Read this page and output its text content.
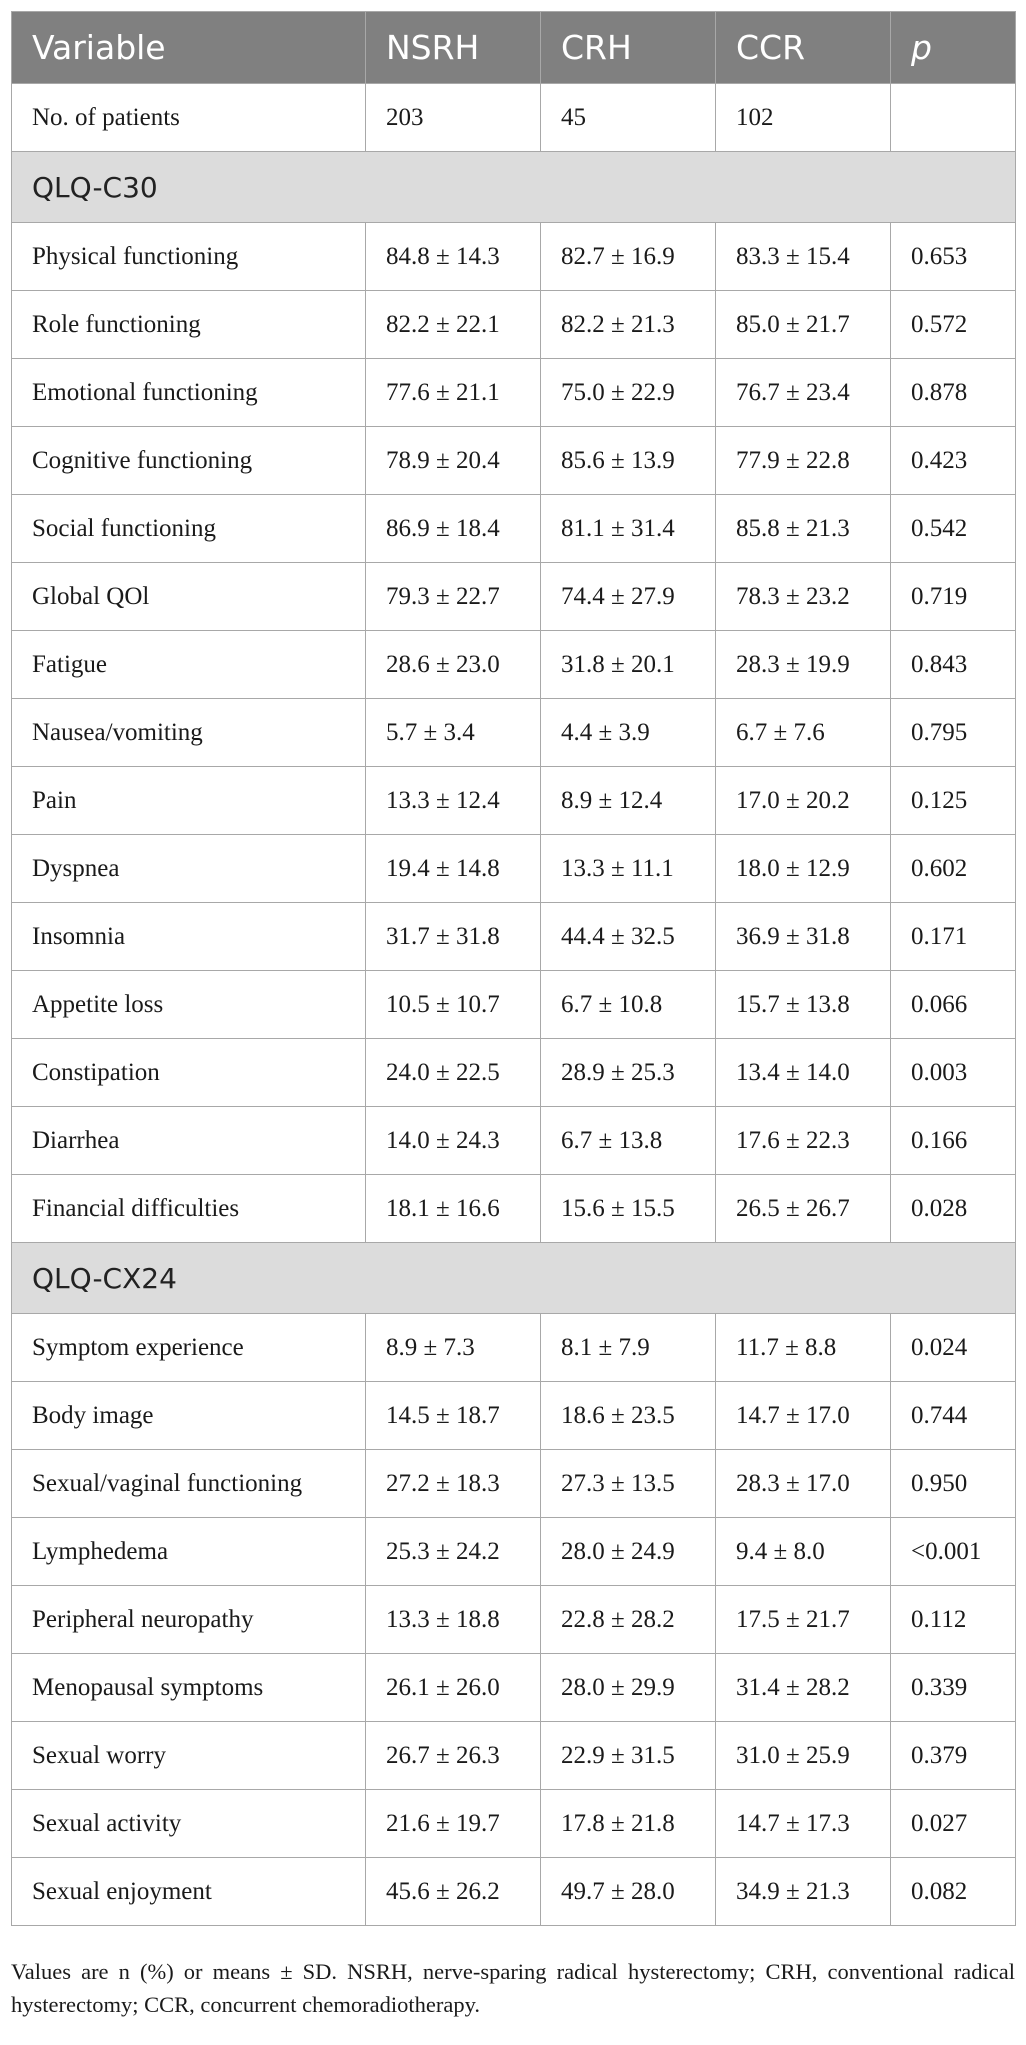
Variable	NSRH	CRH	CCR	p
No. of patients	203	45	102	
QLQ-C30				
Physical functioning	84.8 ± 14.3	82.7 ± 16.9	83.3 ± 15.4	0.653
Role functioning	82.2 ± 22.1	82.2 ± 21.3	85.0 ± 21.7	0.572
Emotional functioning	77.6 ± 21.1	75.0 ± 22.9	76.7 ± 23.4	0.878
Cognitive functioning	78.9 ± 20.4	85.6 ± 13.9	77.9 ± 22.8	0.423
Social functioning	86.9 ± 18.4	81.1 ± 31.4	85.8 ± 21.3	0.542
Global QOl	79.3 ± 22.7	74.4 ± 27.9	78.3 ± 23.2	0.719
Fatigue	28.6 ± 23.0	31.8 ± 20.1	28.3 ± 19.9	0.843
Nausea/vomiting	5.7 ± 3.4	4.4 ± 3.9	6.7 ± 7.6	0.795
Pain	13.3 ± 12.4	8.9 ± 12.4	17.0 ± 20.2	0.125
Dyspnea	19.4 ± 14.8	13.3 ± 11.1	18.0 ± 12.9	0.602
Insomnia	31.7 ± 31.8	44.4 ± 32.5	36.9 ± 31.8	0.171
Appetite loss	10.5 ± 10.7	6.7 ± 10.8	15.7 ± 13.8	0.066
Constipation	24.0 ± 22.5	28.9 ± 25.3	13.4 ± 14.0	0.003
Diarrhea	14.0 ± 24.3	6.7 ± 13.8	17.6 ± 22.3	0.166
Financial difficulties	18.1 ± 16.6	15.6 ± 15.5	26.5 ± 26.7	0.028
QLQ-CX24				
Symptom experience	8.9 ± 7.3	8.1 ± 7.9	11.7 ± 8.8	0.024
Body image	14.5 ± 18.7	18.6 ± 23.5	14.7 ± 17.0	0.744
Sexual/vaginal functioning	27.2 ± 18.3	27.3 ± 13.5	28.3 ± 17.0	0.950
Lymphedema	25.3 ± 24.2	28.0 ± 24.9	9.4 ± 8.0	<0.001
Peripheral neuropathy	13.3 ± 18.8	22.8 ± 28.2	17.5 ± 21.7	0.112
Menopausal symptoms	26.1 ± 26.0	28.0 ± 29.9	31.4 ± 28.2	0.339
Sexual worry	26.7 ± 26.3	22.9 ± 31.5	31.0 ± 25.9	0.379
Sexual activity	21.6 ± 19.7	17.8 ± 21.8	14.7 ± 17.3	0.027
Sexual enjoyment	45.6 ± 26.2	49.7 ± 28.0	34.9 ± 21.3	0.082
Values are n (%) or means ± SD. NSRH, nerve-sparing radical hysterectomy; CRH, conventional radical hysterectomy; CCR, concurrent chemoradiotherapy.
